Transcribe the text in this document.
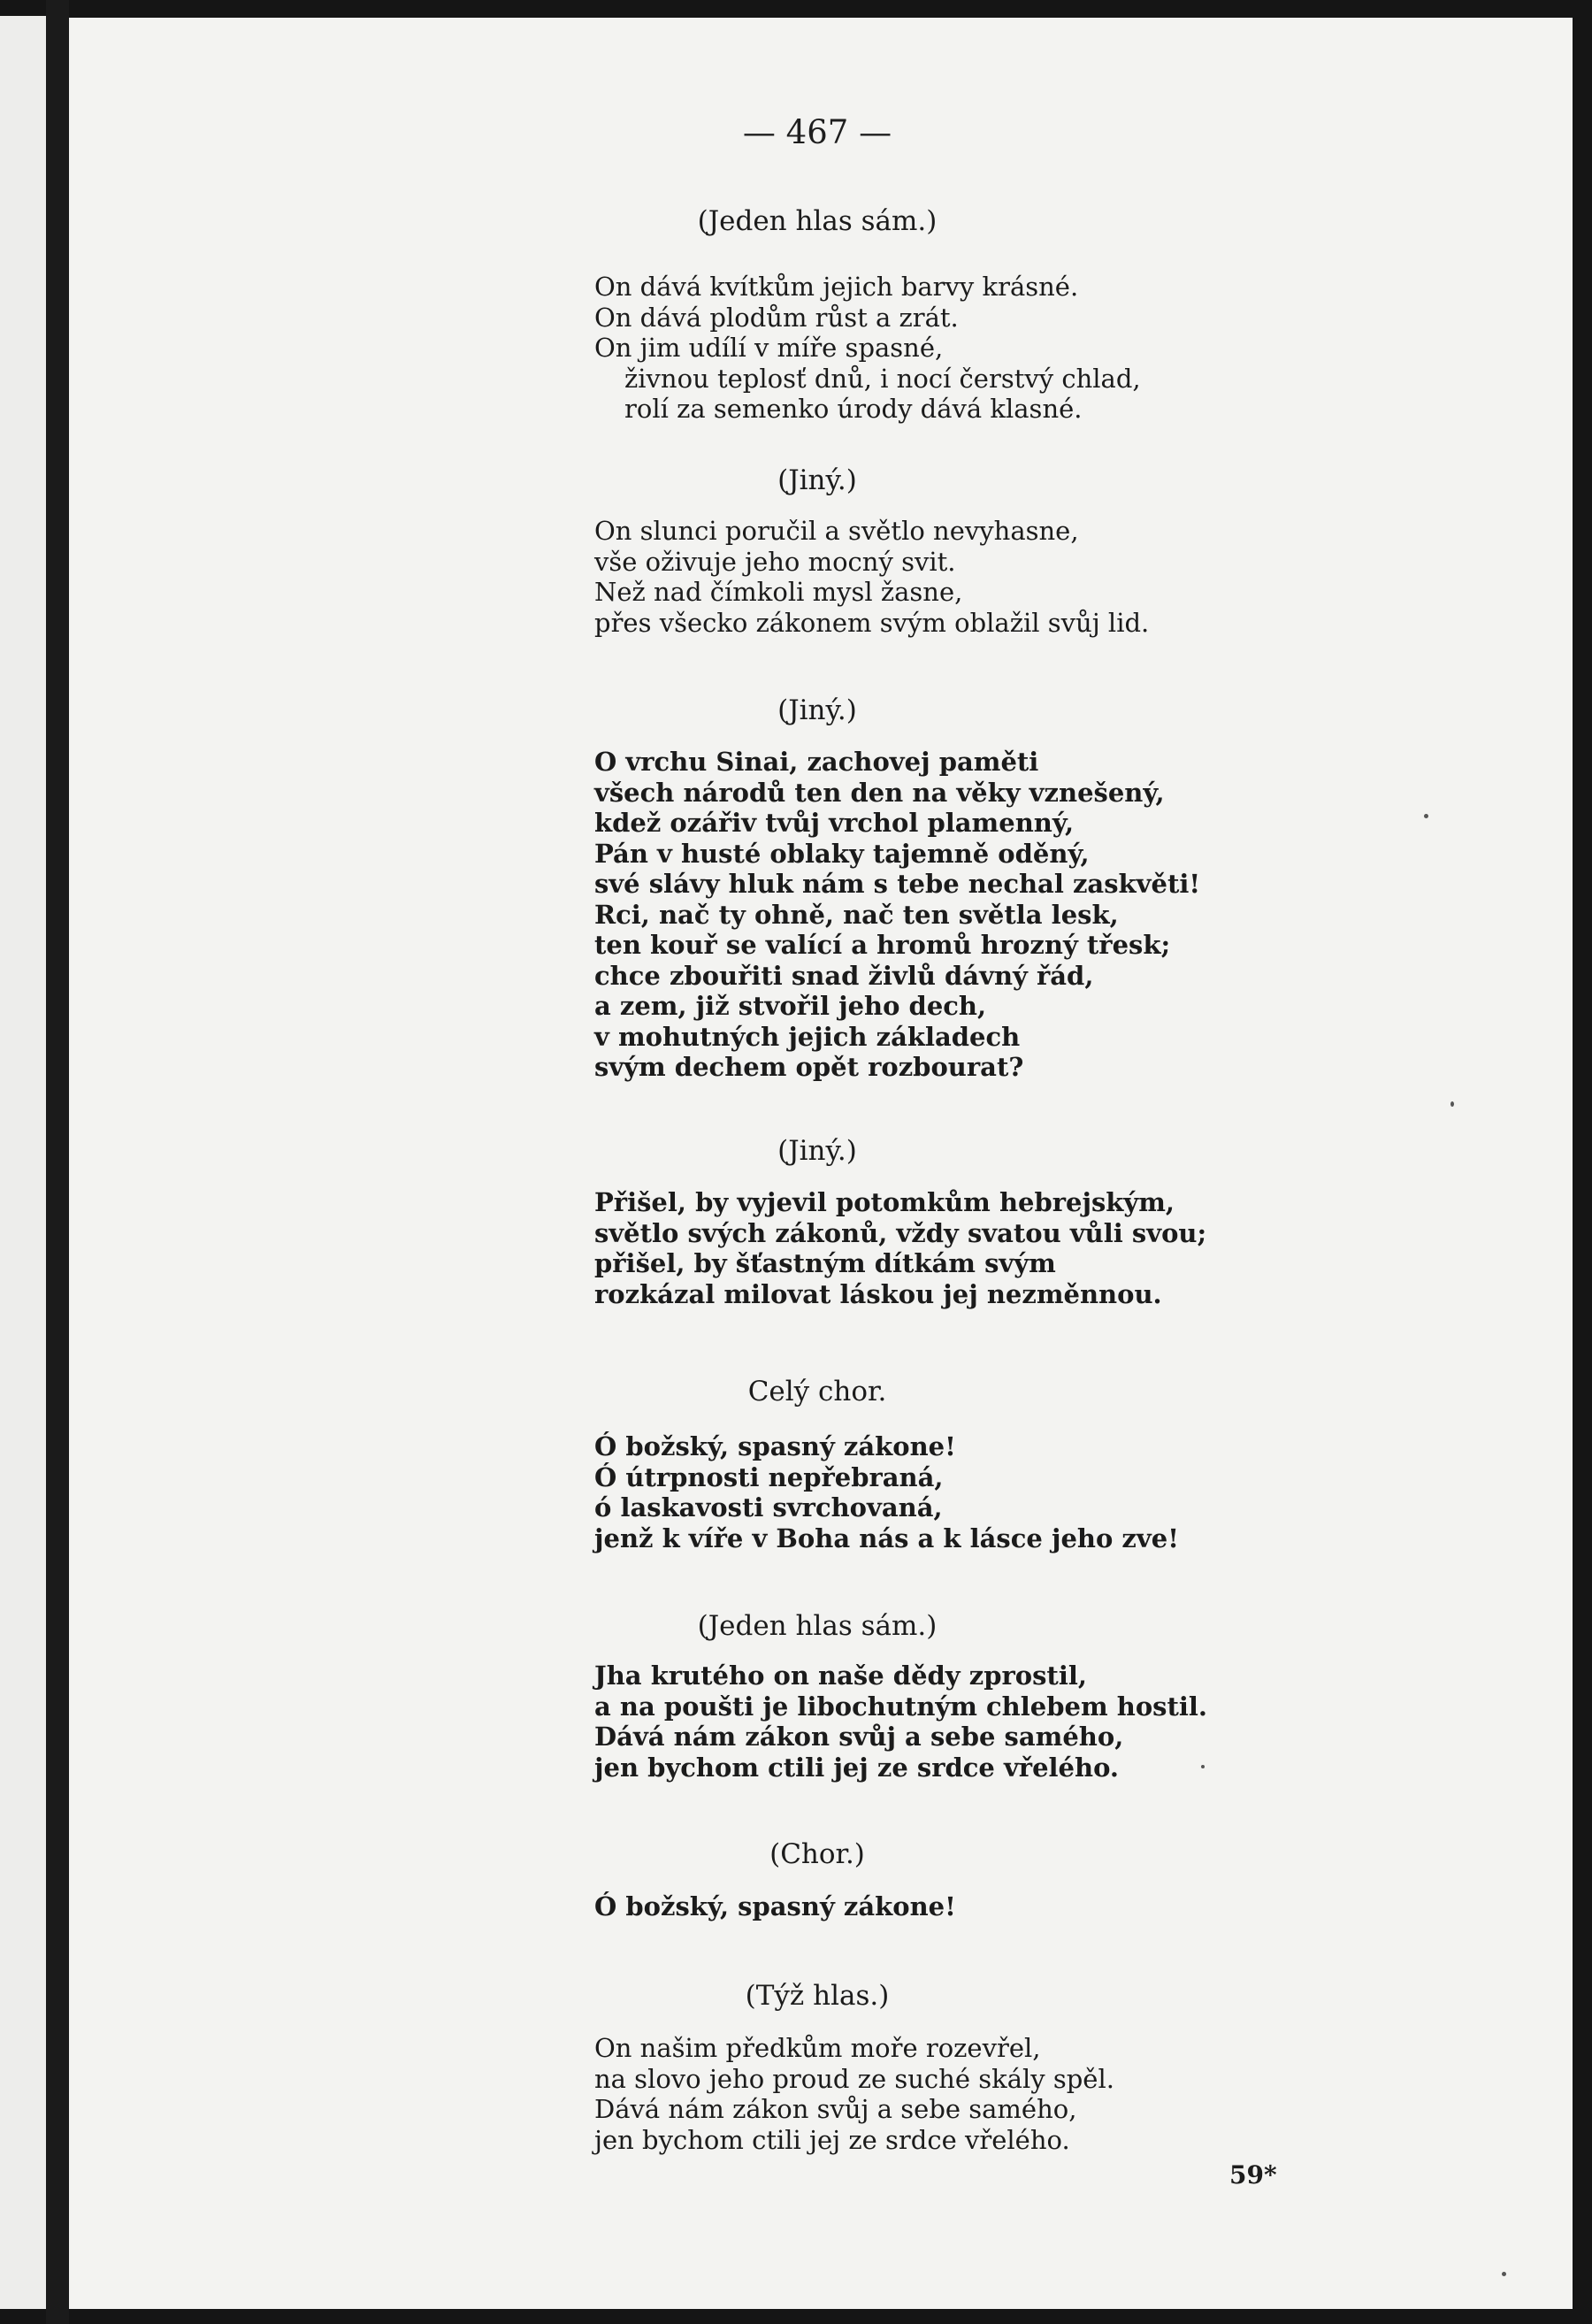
— 467 —
(Jeden hlas sám.)
On dává kvítkům jejich barvy krásné.
On dává plodům růst a zrát.
On jim udílí v míře spasné,
živnou teplosť dnů, i nocí čerstvý chlad,
rolí za semenko úrody dává klasné.
(Jiný.)
On slunci poručil a světlo nevyhasne,
vše oživuje jeho mocný svit.
Než nad čímkoli mysl žasne,
přes všecko zákonem svým oblažil svůj lid.
(Jiný.)
O vrchu Sinai, zachovej paměti
všech národů ten den na věky vznešený,
kdež ozářiv tvůj vrchol plamenný,
Pán v husté oblaky tajemně oděný,
své slávy hluk nám s tebe nechal zaskvěti!
Rci, nač ty ohně, nač ten světla lesk,
ten kouř se valící a hromů hrozný třesk;
chce zbouřiti snad živlů dávný řád,
a zem, již stvořil jeho dech,
v mohutných jejich základech
svým dechem opět rozbourat?
(Jiný.)
Přišel, by vyjevil potomkům hebrejským,
světlo svých zákonů, vždy svatou vůli svou;
přišel, by šťastným dítkám svým
rozkázal milovat láskou jej nezměnnou.
Celý chor.
Ó božský, spasný zákone!
Ó útrpnosti nepřebraná,
ó laskavosti svrchovaná,
jenž k víře v Boha nás a k lásce jeho zve!
(Jeden hlas sám.)
Jha krutého on naše dědy zprostil,
a na poušti je libochutným chlebem hostil.
Dává nám zákon svůj a sebe samého,
jen bychom ctili jej ze srdce vřelého.
(Chor.)
Ó božský, spasný zákone!
(Týž hlas.)
On našim předkům moře rozevřel,
na slovo jeho proud ze suché skály spěl.
Dává nám zákon svůj a sebe samého,
jen bychom ctili jej ze srdce vřelého.
59*
